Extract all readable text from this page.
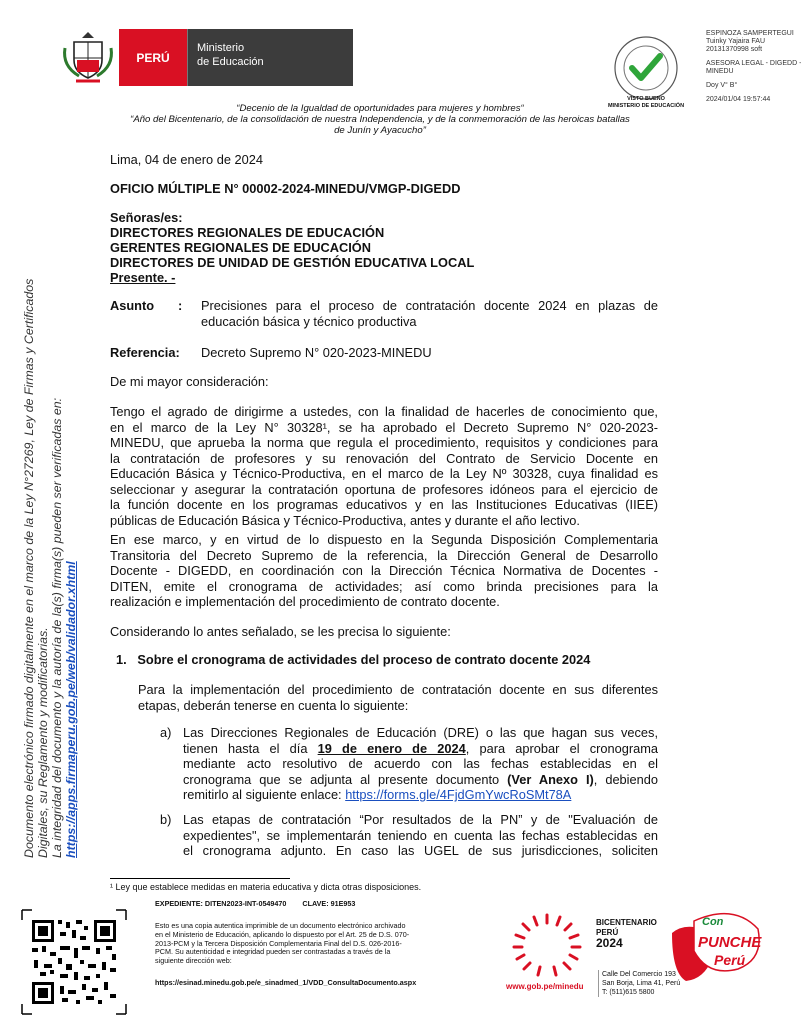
PERÚ
Ministerio
de Educación
VISTO BUENO
MINISTERIO DE EDUCACIÓN
ESPINOZA SAMPERTEGUI
Tuinky Yajaira FAU
20131370998 soft
ASESORA LEGAL - DIGEDD -
MINEDU
Doy V° B°
2024/01/04 19:57:44
“Decenio de la Igualdad de oportunidades para mujeres y hombres“
“Año del Bicentenario, de la consolidación de nuestra Independencia, y de la conmemoración de las heroicas batallas
de Junín y Ayacucho”
Documento electrónico firmado digitalmente en el marco de la Ley N°27269, Ley de Firmas y Certificados Digitales, su Reglamento y modificatorias. La integridad del documento y la autoría de la(s) firma(s) pueden ser verificadas en: https://apps.firmaperu.gob.pe/web/validador.xhtml
Lima, 04 de enero de 2024
OFICIO MÚLTIPLE N° 00002-2024-MINEDU/VMGP-DIGEDD
Señoras/es:
DIRECTORES REGIONALES DE EDUCACIÓN
GERENTES REGIONALES DE EDUCACIÓN
DIRECTORES DE UNIDAD DE GESTIÓN EDUCATIVA LOCAL
Presente. -
Asunto : Precisiones para el proceso de contratación docente 2024 en plazas de
educación básica y técnico productiva
Referencia: Decreto Supremo N° 020-2023-MINEDU
De mi mayor consideración:
Tengo el agrado de dirigirme a ustedes, con la finalidad de hacerles de conocimiento que,
en el marco de la Ley N° 30328¹, se ha aprobado el Decreto Supremo N° 020-2023-
MINEDU, que aprueba la norma que regula el procedimiento, requisitos y condiciones para
la contratación de profesores y su renovación del Contrato de Servicio Docente en
Educación Básica y Técnico-Productiva, en el marco de la Ley Nº 30328, cuya finalidad es
seleccionar y asegurar la contratación oportuna de profesores idóneos para el ejercicio de
la función docente en los programas educativos y en las Instituciones Educativas (IIEE)
públicas de Educación Básica y Técnico-Productiva, antes y durante el año lectivo.
En ese marco, y en virtud de lo dispuesto en la Segunda Disposición Complementaria
Transitoria del Decreto Supremo de la referencia, la Dirección General de Desarrollo
Docente - DIGEDD, en coordinación con la Dirección Técnica Normativa de Docentes -
DITEN, emite el cronograma de actividades; así como brinda precisiones para la
realización e implementación del procedimiento de contrato docente.
Considerando lo antes señalado, se les precisa lo siguiente:
1.   Sobre el cronograma de actividades del proceso de contrato docente 2024
Para la implementación del procedimiento de contratación docente en sus diferentes
etapas, deberán tenerse en cuenta lo siguiente:
a) Las Direcciones Regionales de Educación (DRE) o las que hagan sus veces,
tienen hasta el día 19 de enero de 2024, para aprobar el cronograma
mediante acto resolutivo de acuerdo con las fechas establecidas en el
cronograma que se adjunta al presente documento (Ver Anexo I), debiendo
remitirlo al siguiente enlace: https://forms.gle/4FjdGmYwcRoSMt78A
b) Las etapas de contratación “Por resultados de la PN” y de "Evaluación de
expedientes", se implementarán teniendo en cuenta las fechas establecidas en
el cronograma adjunto. En caso las UGEL de sus jurisdicciones, soliciten
¹ Ley que establece medidas en materia educativa y dicta otras disposiciones.
EXPEDIENTE: DITEN2023-INT-0549470        CLAVE: 91E953
Esto es una copia autentica imprimible de un documento electrónico archivado
en el Ministerio de Educación, aplicando lo dispuesto por el Art. 25 de D.S. 070-
2013-PCM y la Tercera Disposición Complementaria Final del D.S. 026-2016-
PCM. Su autenticidad e integridad pueden ser contrastadas a través de la
siguiente dirección web:
https://esinad.minedu.gob.pe/e_sinadmed_1/VDD_ConsultaDocumento.aspx
BICENTENARIO
PERÚ
2024
Con
PUNCHE
Perú
www.gob.pe/minedu
Calle Del Comercio 193
San Borja, Lima 41, Perú
T: (511)615 5800
